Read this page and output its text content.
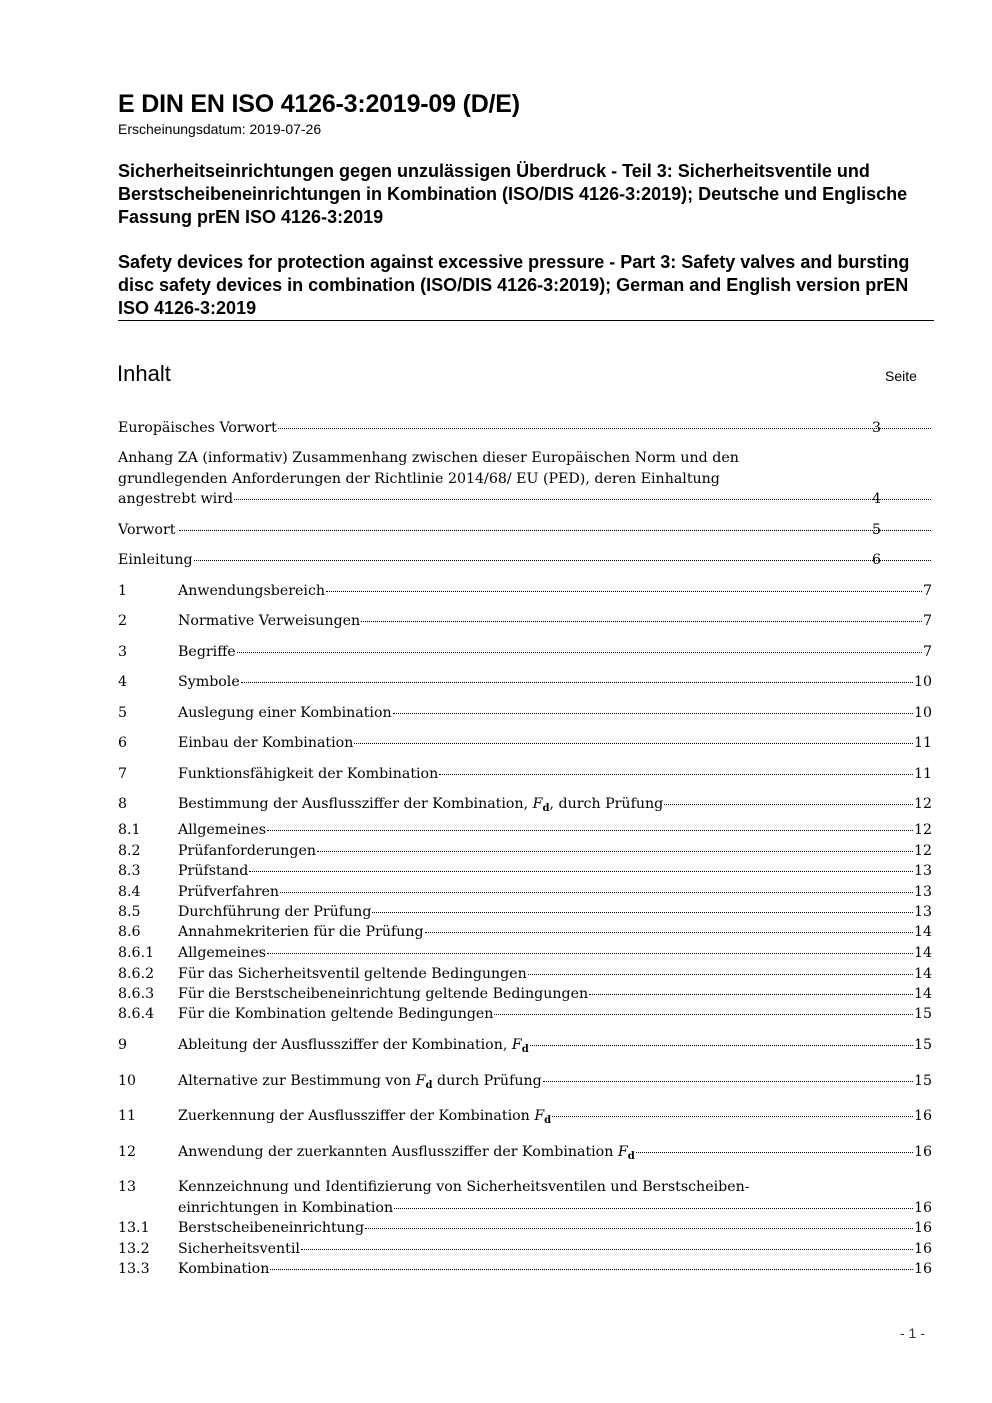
E DIN EN ISO 4126-3:2019-09 (D/E)
Erscheinungsdatum: 2019-07-26
Sicherheitseinrichtungen gegen unzulässigen Überdruck - Teil 3: Sicherheitsventile und Berstscheibeneinrichtungen in Kombination (ISO/DIS 4126-3:2019); Deutsche und Englische Fassung prEN ISO 4126-3:2019
Safety devices for protection against excessive pressure - Part 3: Safety valves and bursting disc safety devices in combination (ISO/DIS 4126-3:2019); German and English version prEN ISO 4126-3:2019
Inhalt	Seite
Europäisches Vorwort	3
Anhang ZA (informativ) Zusammenhang zwischen dieser Europäischen Norm und den
grundlegenden Anforderungen der Richtlinie 2014/68/ EU (PED), deren Einhaltung
angestrebt wird	4
Vorwort	5
Einleitung	6
1	Anwendungsbereich	7
2	Normative Verweisungen	7
3	Begriffe	7
4	Symbole	10
5	Auslegung einer Kombination	10
6	Einbau der Kombination	11
7	Funktionsfähigkeit der Kombination	11
8	Bestimmung der Ausflussziffer der Kombination, $F_d$, durch Prüfung	12
8.1	Allgemeines	12
8.2	Prüfanforderungen	12
8.3	Prüfstand	13
8.4	Prüfverfahren	13
8.5	Durchführung der Prüfung	13
8.6	Annahmekriterien für die Prüfung	14
8.6.1 Allgemeines	14
8.6.2 Für das Sicherheitsventil geltende Bedingungen	14
8.6.3 Für die Berstscheibeneinrichtung geltende Bedingungen	14
8.6.4 Für die Kombination geltende Bedingungen	15
9	Ableitung der Ausflussziffer der Kombination, $F_d$	15
10	Alternative zur Bestimmung von $F_d$ durch Prüfung	15
11	Zuerkennung der Ausflussziffer der Kombination $F_d$	16
12	Anwendung der zuerkannten Ausflussziffer der Kombination $F_d$	16
13	Kennzeichnung und Identifizierung von Sicherheitsventilen und Berstscheiben-
einrichtungen in Kombination	16
13.1 Berstscheibeneinrichtung	16
13.2 Sicherheitsventil	16
13.3 Kombination	16
- 1 -
